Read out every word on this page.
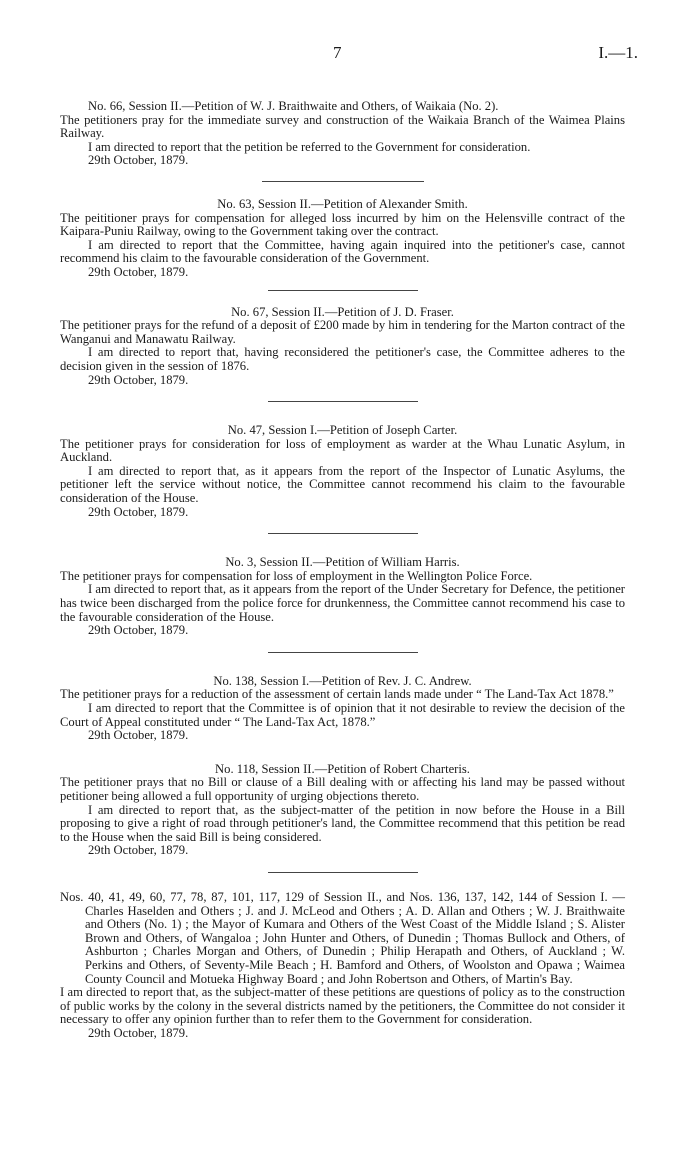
7	I.—1.

No. 66, Session II.—Petition of W. J. Braithwaite and Others, of Waikaia (No. 2).

The petitioners pray for the immediate survey and construction of the Waikaia Branch of the Waimea Plains Railway.

I am directed to report that the petition be referred to the Government for consideration.

29th October, 1879.

No. 63, Session II.—Petition of Alexander Smith.

The peititioner prays for compensation for alleged loss incurred by him on the Helensville contract of the Kaipara-Puniu Railway, owing to the Government taking over the contract.

I am directed to report that the Committee, having again inquired into the petitioner's case, cannot recommend his claim to the favourable consideration of the Government.

29th October, 1879.

No. 67, Session II.—Petition of J. D. Fraser.

The petitioner prays for the refund of a deposit of £200 made by him in tendering for the Marton contract of the Wanganui and Manawatu Railway.

I am directed to report that, having reconsidered the petitioner's case, the Committee adheres to the decision given in the session of 1876.

29th October, 1879.

No. 47, Session I.—Petition of Joseph Carter.

The petitioner prays for consideration for loss of employment as warder at the Whau Lunatic Asylum, in Auckland.

I am directed to report that, as it appears from the report of the Inspector of Lunatic Asylums, the petitioner left the service without notice, the Committee cannot recommend his claim to the favourable consideration of the House.

29th October, 1879.

No. 3, Session II.—Petition of William Harris.

The petitioner prays for compensation for loss of employment in the Wellington Police Force.

I am directed to report that, as it appears from the report of the Under Secretary for Defence, the petitioner has twice been discharged from the police force for drunkenness, the Committee cannot recommend his case to the favourable consideration of the House.

29th October, 1879.

No. 138, Session I.—Petition of Rev. J. C. Andrew.

The petitioner prays for a reduction of the assessment of certain lands made under “ The Land-Tax Act 1878.”

I am directed to report that the Committee is of opinion that it not desirable to review the decision of the Court of Appeal constituted under “ The Land-Tax Act, 1878.”

29th October, 1879.

No. 118, Session II.—Petition of Robert Charteris.

The petitioner prays that no Bill or clause of a Bill dealing with or affecting his land may be passed without petitioner being allowed a full opportunity of urging objections thereto.

I am directed to report that, as the subject-matter of the petition in now before the House in a Bill proposing to give a right of road through petitioner's land, the Committee recommend that this petition be read to the House when the said Bill is being considered.

29th October, 1879.

Nos. 40, 41, 49, 60, 77, 78, 87, 101, 117, 129 of Session II., and Nos. 136, 137, 142, 144 of Session I. —Charles Haselden and Others ; J. and J. McLeod and Others ; A. D. Allan and Others ; W. J. Braithwaite and Others (No. 1) ; the Mayor of Kumara and Others of the West Coast of the Middle Island ; S. Alister Brown and Others, of Wangaloa ; John Hunter and Others, of Dunedin ; Thomas Bullock and Others, of Ashburton ; Charles Morgan and Others, of Dunedin ; Philip Herapath and Others, of Auckland ; W. Perkins and Others, of Seventy-Mile Beach ; H. Bamford and Others, of Woolston and Opawa ; Waimea County Council and Motueka Highway Board ; and John Robertson and Others, of Martin's Bay.

I am directed to report that, as the subject-matter of these petitions are questions of policy as to the construction of public works by the colony in the several districts named by the petitioners, the Committee do not consider it necessary to offer any opinion further than to refer them to the Government for consideration.

29th October, 1879.
